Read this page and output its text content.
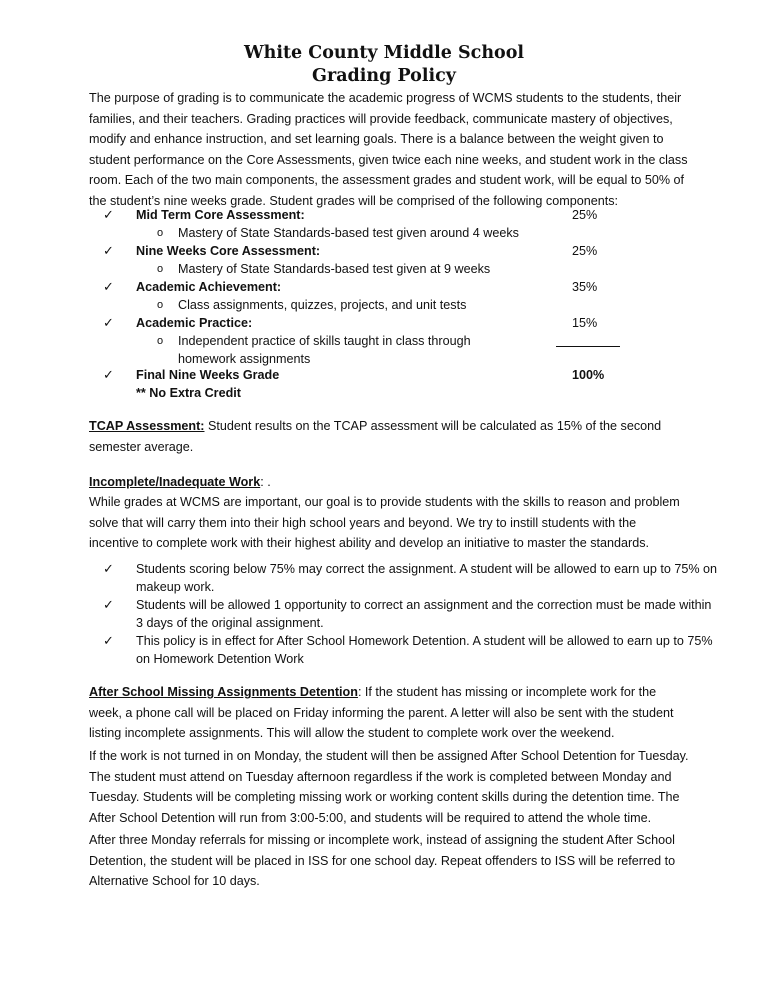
White County Middle School
Grading Policy
The purpose of grading is to communicate the academic progress of WCMS students to the students, their families, and their teachers. Grading practices will provide feedback, communicate mastery of objectives, modify and enhance instruction, and set learning goals. There is a balance between the weight given to student performance on the Core Assessments, given twice each nine weeks, and student work in the class room. Each of the two main components, the assessment grades and student work, will be equal to 50% of the student’s nine weeks grade. Student grades will be comprised of the following components:
✓ Mid Term Core Assessment:	25%
o Mastery of State Standards-based test given around 4 weeks
✓ Nine Weeks Core Assessment:	25%
o Mastery of State Standards-based test given at 9 weeks
✓ Academic Achievement:	35%
o Class assignments, quizzes, projects, and unit tests
✓ Academic Practice:	15%
o Independent practice of skills taught in class through
homework assignments
✓ Final Nine Weeks Grade	100%
** No Extra Credit
TCAP Assessment: Student results on the TCAP assessment will be calculated as 15% of the second semester average.
Incomplete/Inadequate Work: .
While grades at WCMS are important, our goal is to provide students with the skills to reason and problem solve that will carry them into their high school years and beyond. We try to instill students with the incentive to complete work with their highest ability and develop an initiative to master the standards.
✓ Students scoring below 75% may correct the assignment. A student will be allowed to earn up to 75% on
makeup work.
✓ Students will be allowed 1 opportunity to correct an assignment and the correction must be made within
3 days of the original assignment.
✓ This policy is in effect for After School Homework Detention. A student will be allowed to earn up to 75%
on Homework Detention Work
After School Missing Assignments Detention: If the student has missing or incomplete work for the week, a phone call will be placed on Friday informing the parent. A letter will also be sent with the student listing incomplete assignments. This will allow the student to complete work over the weekend.
If the work is not turned in on Monday, the student will then be assigned After School Detention for Tuesday. The student must attend on Tuesday afternoon regardless if the work is completed between Monday and Tuesday. Students will be completing missing work or working content skills during the detention time. The After School Detention will run from 3:00-5:00, and students will be required to attend the whole time.
After three Monday referrals for missing or incomplete work, instead of assigning the student After School Detention, the student will be placed in ISS for one school day. Repeat offenders to ISS will be referred to Alternative School for 10 days.
